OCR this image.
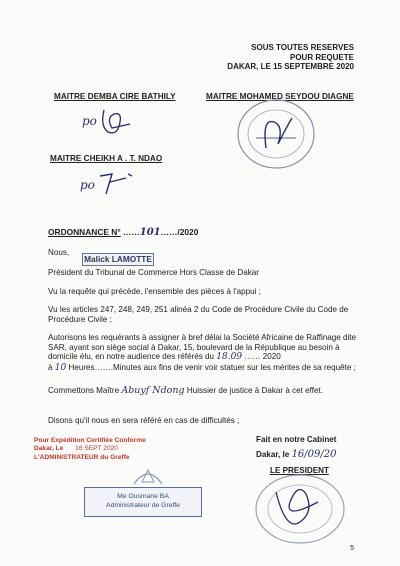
SOUS TOUTES RESERVES
POUR REQUETE
DAKAR, LE 15 SEPTEMBRE 2020
MAITRE DEMBA CIRE BATHILY	MAITRE MOHAMED SEYDOU DIAGNE
po
MAITRE CHEIKH A . T. NDAO
po
ORDONNANCE N° ……101……/2020
Nous,
Malick LAMOTTE
Président du Tribunal de Commerce Hors Classe de Dakar
Vu la requête qui précède, l'ensemble des pièces à l'appui ;
Vu les articles 247, 248, 249, 251 alinéa 2 du Code de Procédure Civile du Code de Procédure Civile ;
Autorisons les requérants à assigner à bref délai la Société Africaine de Raffinage dite SAR, ayant son siège social à Dakar, 15, boulevard de la République au besoin à domicile élu, en notre audience des référés du 18.09 …… 2020
à 10 Heures…….Minutes aux fins de venir voir statuer sur les mérites de sa requête ;
Commettons Maître Abuyf Ndong Huissier de justice à Dakar à cet effet.
Disons qu'il nous en sera référé en cas de difficultés ;
Fait en notre Cabinet
Dakar, le 16/09/20
LE PRESIDENT
Pour Expédition Certifiée Conforme
Dakar, Le 16 SEPT 2020
L'ADMINISTRATEUR du Greffe
Me Ousmane BA
Administrateur de Greffe
5
